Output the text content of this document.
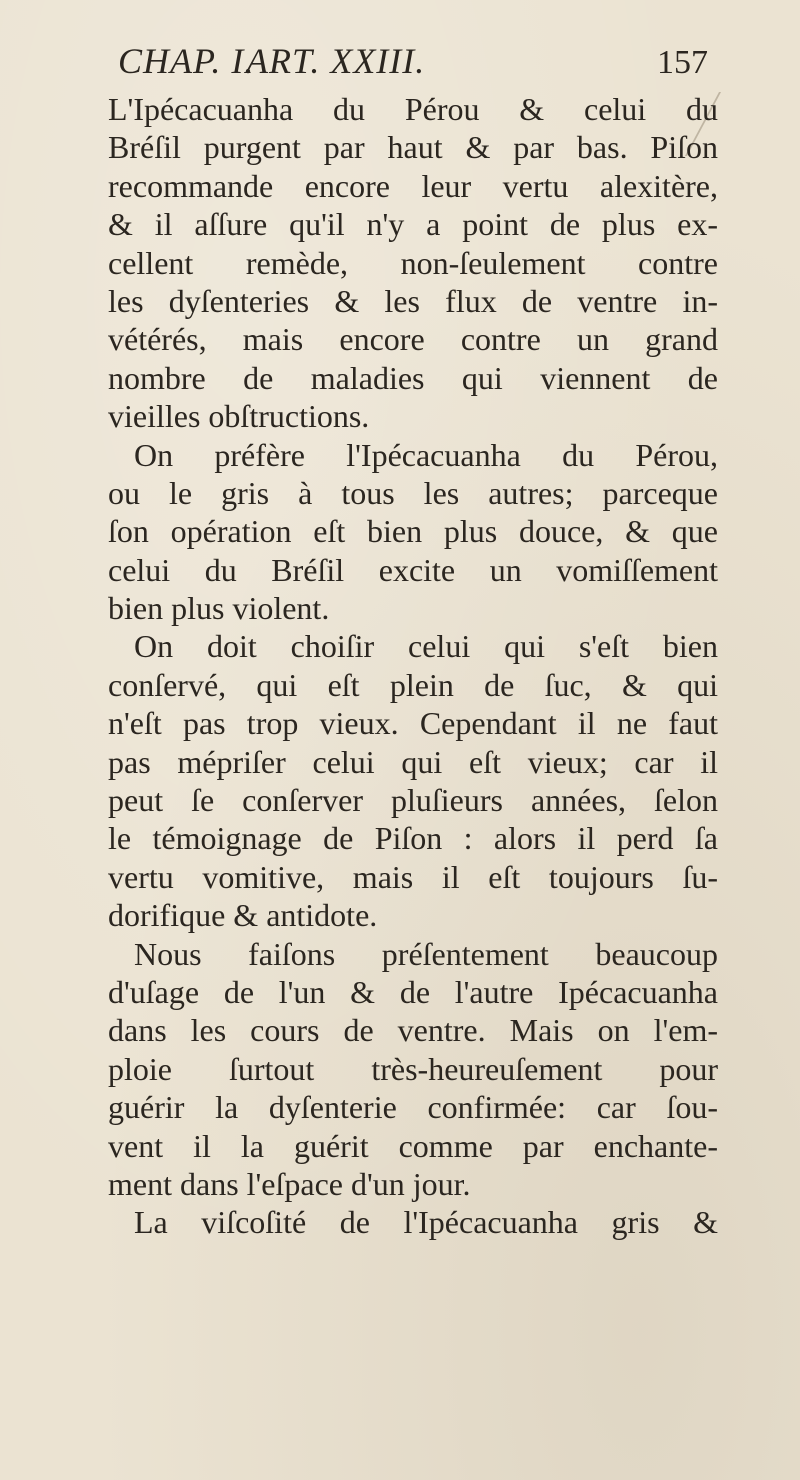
CHAP. I.
ART. XXIII.	157
L'Ipécacuanha du Pérou & celui du
Bréſil purgent par haut & par bas. Piſon
recommande encore leur vertu alexitère,
& il aſſure qu'il n'y a point de plus ex-
cellent remède, non-ſeulement contre
les dyſenteries & les flux de ventre in-
vétérés, mais encore contre un grand
nombre de maladies qui viennent de
vieilles obſtructions.
On préfère l'Ipécacuanha du Pérou,
ou le gris à tous les autres; parceque
ſon opération eſt bien plus douce, & que
celui du Bréſil excite un vomiſſement
bien plus violent.
On doit choiſir celui qui s'eſt bien
conſervé, qui eſt plein de ſuc, & qui
n'eſt pas trop vieux. Cependant il ne faut
pas mépriſer celui qui eſt vieux; car il
peut ſe conſerver pluſieurs années, ſelon
le témoignage de Piſon : alors il perd ſa
vertu vomitive, mais il eſt toujours ſu-
dorifique & antidote.
Nous faiſons préſentement beaucoup
d'uſage de l'un & de l'autre Ipécacuanha
dans les cours de ventre. Mais on l'em-
ploie ſurtout très-heureuſement pour
guérir la dyſenterie confirmée: car ſou-
vent il la guérit comme par enchante-
ment dans l'eſpace d'un jour.
La viſcoſité de l'Ipécacuanha gris &
